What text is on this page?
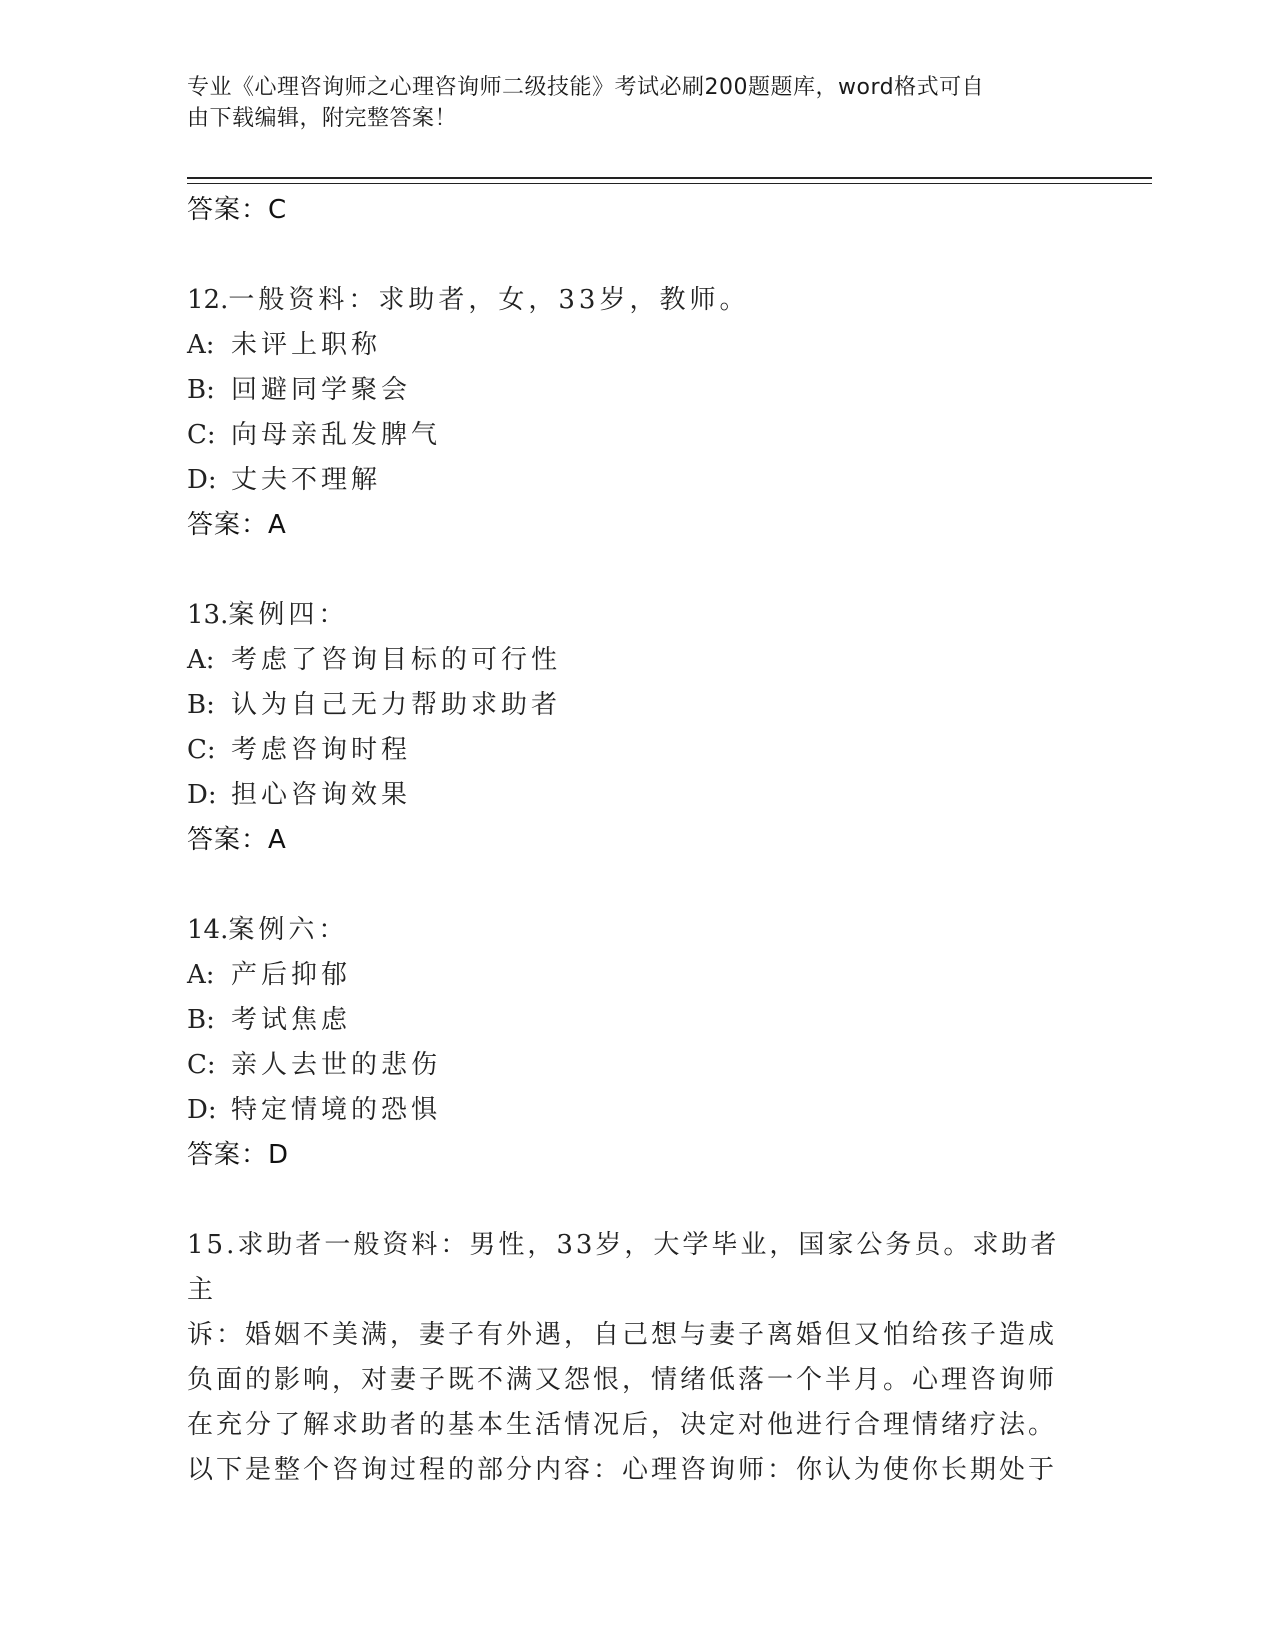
专业《心理咨询师之心理咨询师二级技能》考试必刷200题题库，word格式可自
由下载编辑，附完整答案！
答案：C
12.一般资料：求助者，女，33岁，教师。
A: 未评上职称
B: 回避同学聚会
C: 向母亲乱发脾气
D: 丈夫不理解
答案：A
13.案例四：
A: 考虑了咨询目标的可行性
B: 认为自己无力帮助求助者
C: 考虑咨询时程
D: 担心咨询效果
答案：A
14.案例六：
A: 产后抑郁
B: 考试焦虑
C: 亲人去世的悲伤
D: 特定情境的恐惧
答案：D
15.求助者一般资料：男性，33岁，大学毕业，国家公务员。求助者主
诉：婚姻不美满，妻子有外遇，自己想与妻子离婚但又怕给孩子造成
负面的影响，对妻子既不满又怨恨，情绪低落一个半月。心理咨询师
在充分了解求助者的基本生活情况后，决定对他进行合理情绪疗法。
以下是整个咨询过程的部分内容：心理咨询师：你认为使你长期处于
